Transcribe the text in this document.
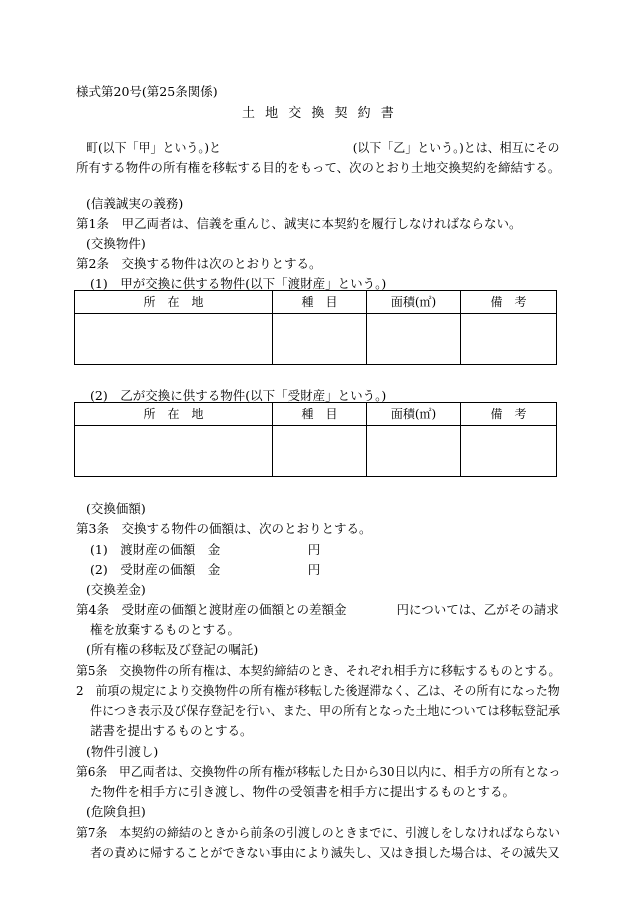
様式第20号(第25条関係)
土 地 交 換 契 約 書
町(以下「甲」という。)と　　　　　　　　　　　(以下「乙」という。)とは、相互にその
所有する物件の所有権を移転する目的をもって、次のとおり土地交換契約を締結する。
(信義誠実の義務)
第1条　甲乙両者は、信義を重んじ、誠実に本契約を履行しなければならない。
(交換物件)
第2条　交換する物件は次のとおりとする。
(1)　甲が交換に供する物件(以下「渡財産」という。)
所　在　地	種　目	面積(㎡)	備　考

(2)　乙が交換に供する物件(以下「受財産」という。)
所　在　地	種　目	面積(㎡)	備　考

(交換価額)
第3条　交換する物件の価額は、次のとおりとする。
(1)　渡財産の価額　金　　　　　　　円
(2)　受財産の価額　金　　　　　　　円
(交換差金)
第4条　受財産の価額と渡財産の価額との差額金　　　　円については、乙がその請求
権を放棄するものとする。
(所有権の移転及び登記の嘱託)
第5条　交換物件の所有権は、本契約締結のとき、それぞれ相手方に移転するものとする。
2　前項の規定により交換物件の所有権が移転した後遅滞なく、乙は、その所有になった物
件につき表示及び保存登記を行い、また、甲の所有となった土地については移転登記承
諾書を提出するものとする。
(物件引渡し)
第6条　甲乙両者は、交換物件の所有権が移転した日から30日以内に、相手方の所有となっ
た物件を相手方に引き渡し、物件の受領書を相手方に提出するものとする。
(危険負担)
第7条　本契約の締結のときから前条の引渡しのときまでに、引渡しをしなければならない
者の責めに帰することができない事由により滅失し、又はき損した場合は、その滅失又
